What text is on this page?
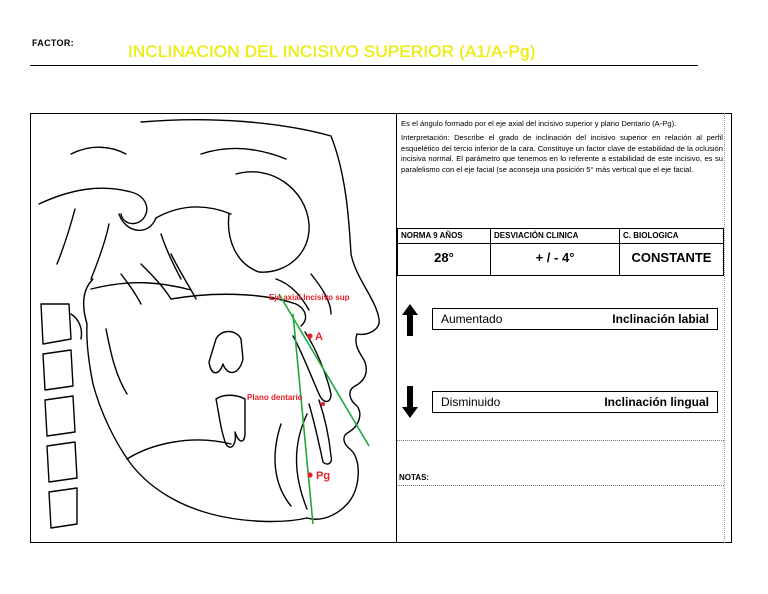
FACTOR:	INCLINACION DEL INCISIVO SUPERIOR (A1/A-Pg)
Eje axial Incisivo sup
A
Plano dentario
Pg

Es el ángulo formado por el eje axial del incisivo superior y plano Dentario (A-Pg).

Interpretación: Describe el grado de inclinación del incisivo superior en relación al perfil esquelético del tercio inferior de la cara. Constituye un factor clave de estabilidad de la oclusión incisiva normal. El parámetro que tenemos en lo referente a estabilidad de este incisivo, es su paralelismo con el eje facial (se aconseja una posición 5° más vertical que el eje facial.

NORMA 9 AÑOS	DESVIACIÓN CLINICA	C. BIOLOGICA
28°	+ / - 4°	CONSTANTE
Aumentado	Inclinación labial
Disminuido	Inclinación lingual
NOTAS:
